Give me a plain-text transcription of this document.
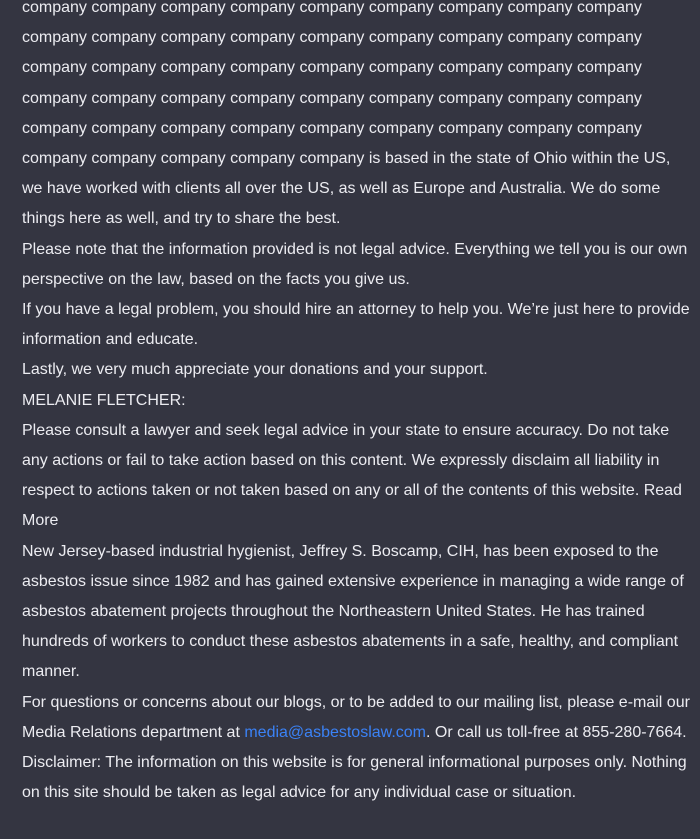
company company company company company company company company company company company company company company company company company company company company company company company company company company company company company company company company company company company company company company company company company company company company company company company company company company is based in the state of Ohio within the US, we have worked with clients all over the US, as well as Europe and Australia. We do some things here as well, and try to share the best.

Please note that the information provided is not legal advice. Everything we tell you is our own perspective on the law, based on the facts you give us.

If you have a legal problem, you should hire an attorney to help you. We’re just here to provide information and educate.

Lastly, we very much appreciate your donations and your support.

MELANIE FLETCHER:

Please consult a lawyer and seek legal advice in your state to ensure accuracy. Do not take any actions or fail to take action based on this content. We expressly disclaim all liability in respect to actions taken or not taken based on any or all of the contents of this website. Read More

New Jersey-based industrial hygienist, Jeffrey S. Boscamp, CIH, has been exposed to the asbestos issue since 1982 and has gained extensive experience in managing a wide range of asbestos abatement projects throughout the Northeastern United States. He has trained hundreds of workers to conduct these asbestos abatements in a safe, healthy, and compliant manner.

For questions or concerns about our blogs, or to be added to our mailing list, please e-mail our Media Relations department at media@asbestoslaw.com. Or call us toll-free at 855-280-7664.

Disclaimer: The information on this website is for general informational purposes only. Nothing on this site should be taken as legal advice for any individual case or situation.
